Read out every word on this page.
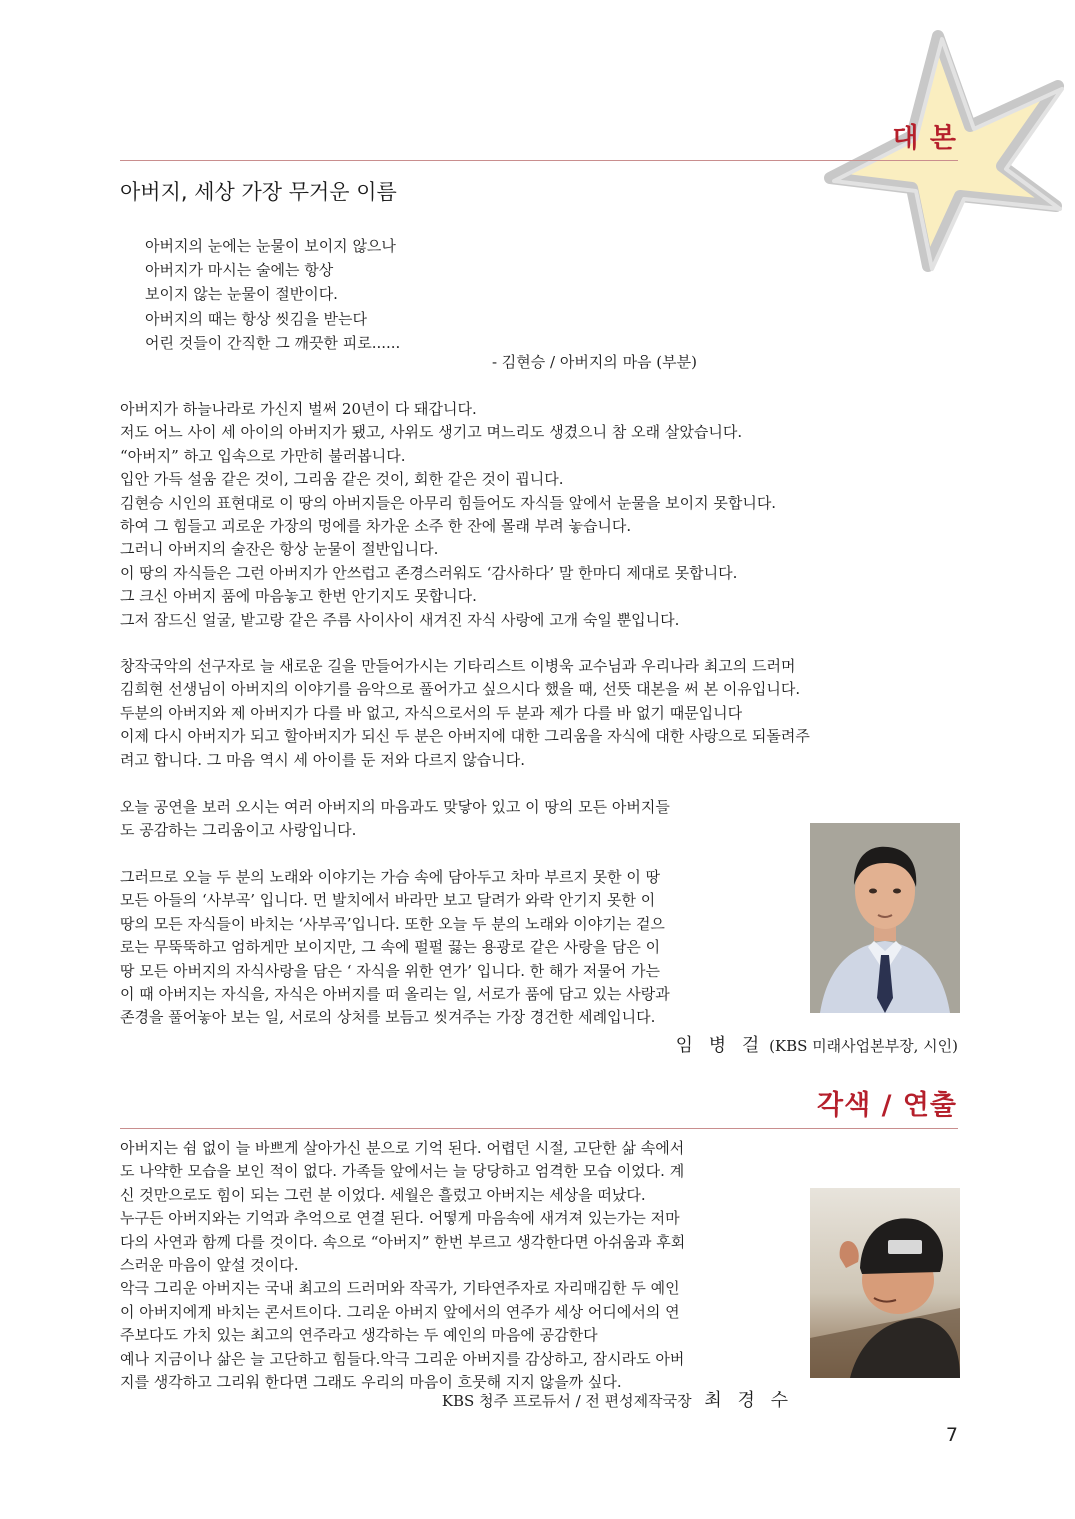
대 본
아버지, 세상 가장 무거운 이름
아버지의 눈에는 눈물이 보이지 않으나
아버지가 마시는 술에는 항상
보이지 않는 눈물이 절반이다.
아버지의 때는 항상 씻김을 받는다
어린 것들이 간직한 그 깨끗한 피로......
- 김현승 / 아버지의 마음 (부분)
아버지가 하늘나라로 가신지 벌써 20년이 다 돼갑니다.
저도 어느 사이 세 아이의 아버지가 됐고, 사위도 생기고 며느리도 생겼으니 참 오래 살았습니다.
“아버지” 하고 입속으로 가만히 불러봅니다.
입안 가득 설움 같은 것이, 그리움 같은 것이, 회한 같은 것이 굅니다.
김현승 시인의 표현대로 이 땅의 아버지들은 아무리 힘들어도 자식들 앞에서 눈물을 보이지 못합니다.
하여 그 힘들고 괴로운 가장의 멍에를 차가운 소주 한 잔에 몰래 부려 놓습니다.
그러니 아버지의 술잔은 항상 눈물이 절반입니다.
이 땅의 자식들은 그런 아버지가 안쓰럽고 존경스러워도 ‘감사하다’ 말 한마디 제대로 못합니다.
그 크신 아버지 품에 마음놓고 한번 안기지도 못합니다.
그저 잠드신 얼굴, 밭고랑 같은 주름 사이사이 새겨진 자식 사랑에 고개 숙일 뿐입니다.
창작국악의 선구자로 늘 새로운 길을 만들어가시는 기타리스트 이병욱 교수님과 우리나라 최고의 드러머
김희현 선생님이 아버지의 이야기를 음악으로 풀어가고 싶으시다 했을 때, 선뜻 대본을 써 본 이유입니다.
두분의 아버지와 제 아버지가 다를 바 없고, 자식으로서의 두 분과 제가 다를 바 없기 때문입니다
이제 다시 아버지가 되고 할아버지가 되신 두 분은 아버지에 대한 그리움을 자식에 대한 사랑으로 되돌려주
려고 합니다. 그 마음 역시 세 아이를 둔 저와 다르지 않습니다.
오늘 공연을 보러 오시는 여러 아버지의 마음과도 맞닿아 있고 이 땅의 모든 아버지들
도 공감하는 그리움이고 사랑입니다.
그러므로 오늘 두 분의 노래와 이야기는 가슴 속에 담아두고 차마 부르지 못한 이 땅
모든 아들의 ‘사부곡’ 입니다. 먼 발치에서 바라만 보고 달려가 와락 안기지 못한 이
땅의 모든 자식들이 바치는 ‘사부곡’입니다. 또한 오늘 두 분의 노래와 이야기는 겉으
로는 무뚝뚝하고 엄하게만 보이지만, 그 속에 펄펄 끓는 용광로 같은 사랑을 담은 이
땅 모든 아버지의 자식사랑을 담은 ‘ 자식을 위한 연가’ 입니다. 한 해가 저물어 가는
이 때 아버지는 자식을, 자식은 아버지를 떠 올리는 일, 서로가 품에 담고 있는 사랑과
존경을 풀어놓아 보는 일, 서로의 상처를 보듬고 씻겨주는 가장 경건한 세례입니다.
임 병 걸 (KBS 미래사업본부장, 시인)
각색 / 연출
아버지는 쉼 없이 늘 바쁘게 살아가신 분으로 기억 된다. 어렵던 시절, 고단한 삶 속에서
도 나약한 모습을 보인 적이 없다. 가족들 앞에서는 늘 당당하고 엄격한 모습 이었다. 계
신 것만으로도 힘이 되는 그런 분 이었다. 세월은 흘렀고 아버지는 세상을 떠났다.
누구든 아버지와는 기억과 추억으로 연결 된다. 어떻게 마음속에 새겨져 있는가는 저마
다의 사연과 함께 다를 것이다. 속으로 “아버지” 한번 부르고 생각한다면 아쉬움과 후회
스러운 마음이 앞설 것이다.
악극 그리운 아버지는 국내 최고의 드러머와 작곡가, 기타연주자로 자리매김한 두 예인
이 아버지에게 바치는 콘서트이다. 그리운 아버지 앞에서의 연주가 세상 어디에서의 연
주보다도 가치 있는 최고의 연주라고 생각하는 두 예인의 마음에 공감한다
예나 지금이나 삶은 늘 고단하고 힘들다.악극 그리운 아버지를 감상하고, 잠시라도 아버
지를 생각하고 그리워 한다면 그래도 우리의 마음이 흐뭇해 지지 않을까 싶다.
KBS 청주 프로듀서 / 전 편성제작국장 최 경 수
7
